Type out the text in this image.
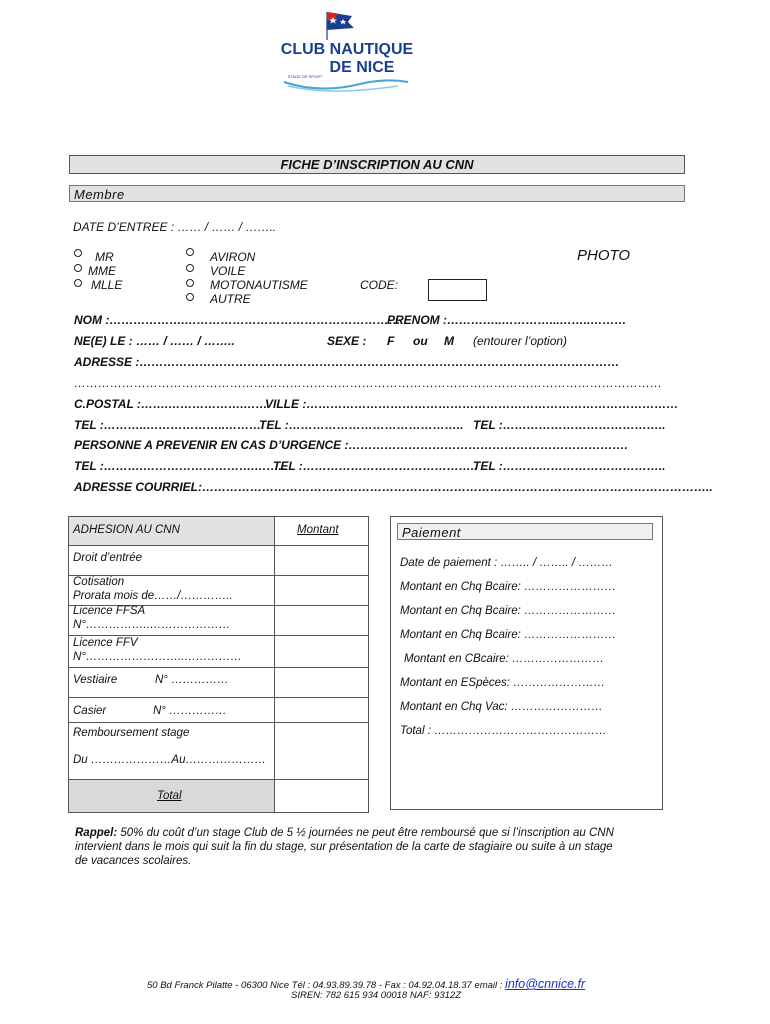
CLUB NAUTIQUE
DE NICE
STAGE DE SPORT
FICHE D’INSCRIPTION AU CNN
Membre
DATE D’ENTREE : …… / …… / ……..
MR
MME
MLLE
AVIRON
VOILE
MOTONAUTISME
AUTRE
PHOTO
CODE:
NOM :……………….………………………………………………
PRENOM :…………..…………...……..………
NE(E) LE : …… / …… / ……..	SEXE : F ou M (entourer l’option)
ADRESSE :…………………………………………………………………………………………………………
…………………………………………………………………………………………………………………………………
C.POSTAL :…….……………….……
VILLE :…………………………………………………………………………………
TEL :………..………………..……….
TEL :…………………………………….. TEL :…………………………………..
PERSONNE A PREVENIR EN CAS D’URGENCE :…………………………………………………………….
TEL :……….……………………….……..
TEL :……………………………………..
TEL :…………………………………..
ADRESSE COURRIEL:………………………………………………………………………………………………………………..
ADHESION AU CNN	Montant
Droit d’entrée
Cotisation
Prorata mois de……/…………..
Licence FFSA
N°……………..…………………
Licence FFV
N°……………………..……………
Vestiaire	N° ……………
Casier	N° ……………
Remboursement stage
Du …………………Au…………………
Total
Paiement
Date de paiement : …….. / …….. / ………
Montant en Chq Bcaire: ……………………
Montant en Chq Bcaire: ……………………
Montant en Chq Bcaire: ……………………
Montant en CBcaire: ……………………
Montant en ESpèces: ……………………
Montant en Chq Vac: ……………………
Total : ………………………………………
Rappel: 50% du coût d’un stage Club de 5 ½ journées ne peut être remboursé que si l’inscription au CNN
intervient dans le mois qui suit la fin du stage, sur présentation de la carte de stagiaire ou suite à un stage
de vacances scolaires.
50 Bd Franck Pilatte - 06300 Nice Tél : 04.93.89.39.78 - Fax : 04.92.04.18.37 email : info@cnnice.fr
SIREN: 782 615 934 00018 NAF: 9312Z
